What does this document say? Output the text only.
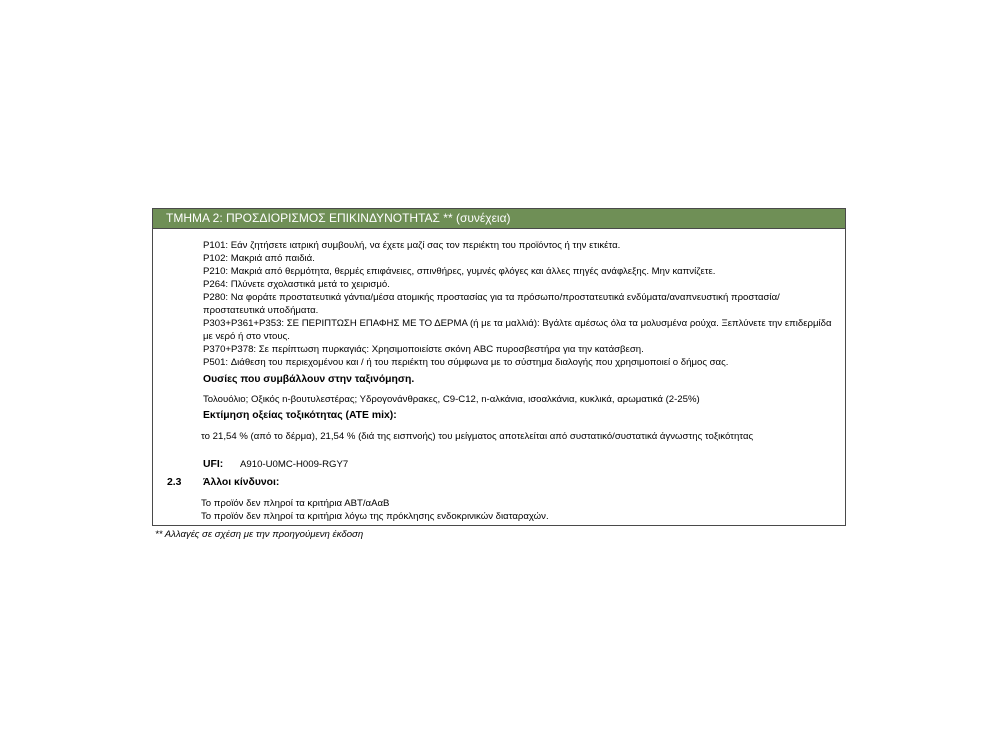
ΤΜΗΜΑ 2: ΠΡΟΣΔΙΟΡΙΣΜΟΣ ΕΠΙΚΙΝΔΥΝΟΤΗΤΑΣ ** (συνέχεια)
P101: Εάν ζητήσετε ιατρική συμβουλή, να έχετε μαζί σας τον περιέκτη του προϊόντος ή την ετικέτα.
P102: Μακριά από παιδιά.
P210: Μακριά από θερμότητα, θερμές επιφάνειες, σπινθήρες, γυμνές φλόγες και άλλες πηγές ανάφλεξης. Μην καπνίζετε.
P264: Πλύνετε σχολαστικά μετά το χειρισμό.
P280: Να φοράτε προστατευτικά γάντια/μέσα ατομικής προστασίας για τα πρόσωπο/προστατευτικά ενδύματα/αναπνευστική προστασία/προστατευτικά υποδήματα.
P303+P361+P353: ΣΕ ΠΕΡΙΠΤΩΣΗ ΕΠΑΦΗΣ ΜΕ ΤΟ ΔΕΡΜΑ (ή με τα μαλλιά): Βγάλτε αμέσως όλα τα μολυσμένα ρούχα. Ξεπλύνετε την επιδερμίδα με νερό ή στο ντους.
P370+P378: Σε περίπτωση πυρκαγιάς: Χρησιμοποιείστε σκόνη ABC πυροσβεστήρα για την κατάσβεση.
P501: Διάθεση του περιεχομένου και / ή του περιέκτη του σύμφωνα με το σύστημα διαλογής που χρησιμοποιεί ο δήμος σας.
Ουσίες που συμβάλλουν στην ταξινόμηση.
Τολουόλιο; Οξικός n-βουτυλεστέρας; Υδρογονάνθρακες, C9-C12, n-αλκάνια, ισοαλκάνια, κυκλικά, αρωματικά (2-25%)
Εκτίμηση οξείας τοξικότητας (ATE mix):
το 21,54 % (από το δέρμα), 21,54 % (διά της εισπνοής) του μείγματος αποτελείται από συστατικό/συστατικά άγνωστης τοξικότητας
UFI: A910-U0MC-H009-RGY7
2.3 Άλλοι κίνδυνοι:
Το προϊόν δεν πληροί τα κριτήρια ΑΒΤ/αΑαΒ
Το προϊόν δεν πληροί τα κριτήρια λόγω της πρόκλησης ενδοκρινικών διαταραχών.
** Αλλαγές σε σχέση με την προηγούμενη έκδοση
